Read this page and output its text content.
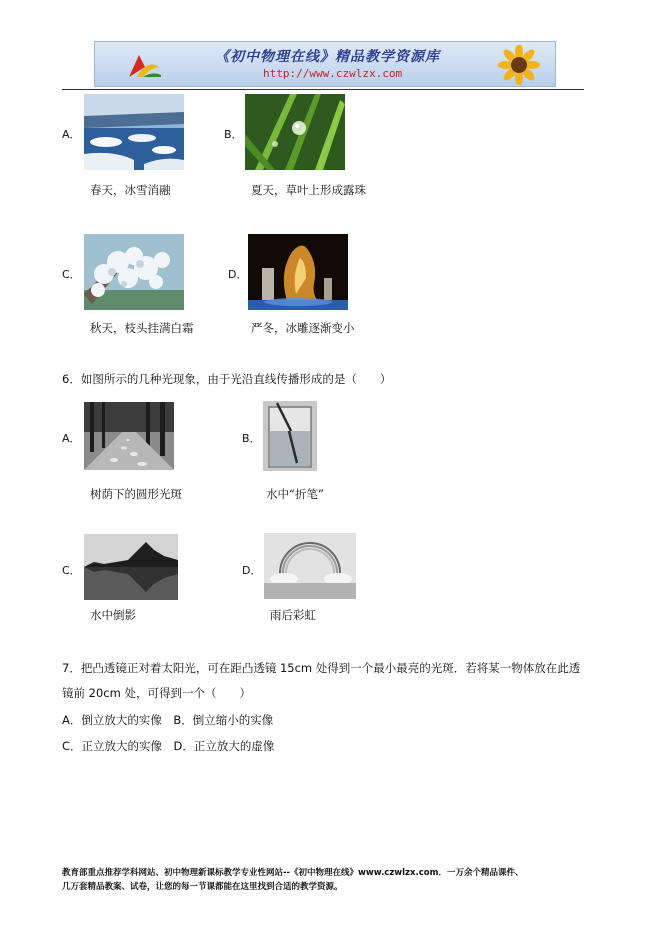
《初中物理在线》精品教学资源库
http://www.czwlzx.com
A．
春天，冰雪消融
B．
夏天，草叶上形成露珠
C．
秋天，枝头挂满白霜
D．
严冬，冰雕逐渐变小
6．如图所示的几种光现象，由于光沿直线传播形成的是（　　）
A．
树荫下的圆形光斑
B．
水中“折笔”
C．
水中倒影
D．
雨后彩虹
7．把凸透镜正对着太阳光，可在距凸透镜 15cm 处得到一个最小最亮的光斑．若将某一物体放在此透
镜前 20cm 处，可得到一个（　　）
A．倒立放大的实像　B．倒立缩小的实像
C．正立放大的实像　D．正立放大的虚像
教育部重点推荐学科网站、初中物理新课标教学专业性网站--《初中物理在线》www.czwlzx.com．一万余个精品课件、
几万套精品教案、试卷，让您的每一节课都能在这里找到合适的教学资源。
